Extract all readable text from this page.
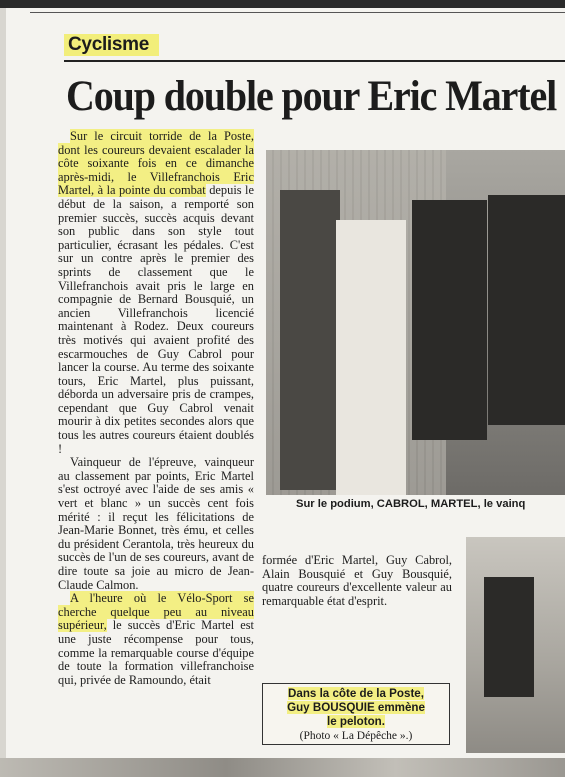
Cyclisme
Coup double pour Eric Martel

Sur le circuit torride de la Poste, dont les coureurs devaient escalader la côte soixante fois en ce dimanche après-midi, le Villefranchois Eric Martel, à la pointe du combat depuis le début de la saison, a remporté son premier succès, succès acquis devant son public dans son style tout particulier, écrasant les pédales. C'est sur un contre après le premier des sprints de classement que le Villefranchois avait pris le large en compagnie de Bernard Bousquié, un ancien Villefranchois licencié maintenant à Rodez. Deux coureurs très motivés qui avaient profité des escarmouches de Guy Cabrol pour lancer la course. Au terme des soixante tours, Eric Martel, plus puissant, déborda un adversaire pris de crampes, cependant que Guy Cabrol venait mourir à dix petites secondes alors que tous les autres coureurs étaient doublés !

Vainqueur de l'épreuve, vainqueur au classement par points, Eric Martel s'est octroyé avec l'aide de ses amis « vert et blanc » un succès cent fois mérité : il reçut les félicitations de Jean-Marie Bonnet, très ému, et celles du président Cerantola, très heureux du succès de l'un de ses coureurs, avant de dire toute sa joie au micro de Jean-Claude Calmon.

A l'heure où le Vélo-Sport se cherche quelque peu au niveau supérieur, le succès d'Eric Martel est une juste récompense pour tous, comme la remarquable course d'équipe de toute la formation villefranchoise qui, privée de Ramoundo, était

Sur le podium, CABROL, MARTEL, le vainq

formée d'Eric Martel, Guy Cabrol, Alain Bousquié et Guy Bousquié, quatre coureurs d'excellente valeur au remarquable état d'esprit.

Dans la côte de la Poste,
Guy BOUSQUIE emmène
le peloton.
(Photo « La Dépêche ».)
